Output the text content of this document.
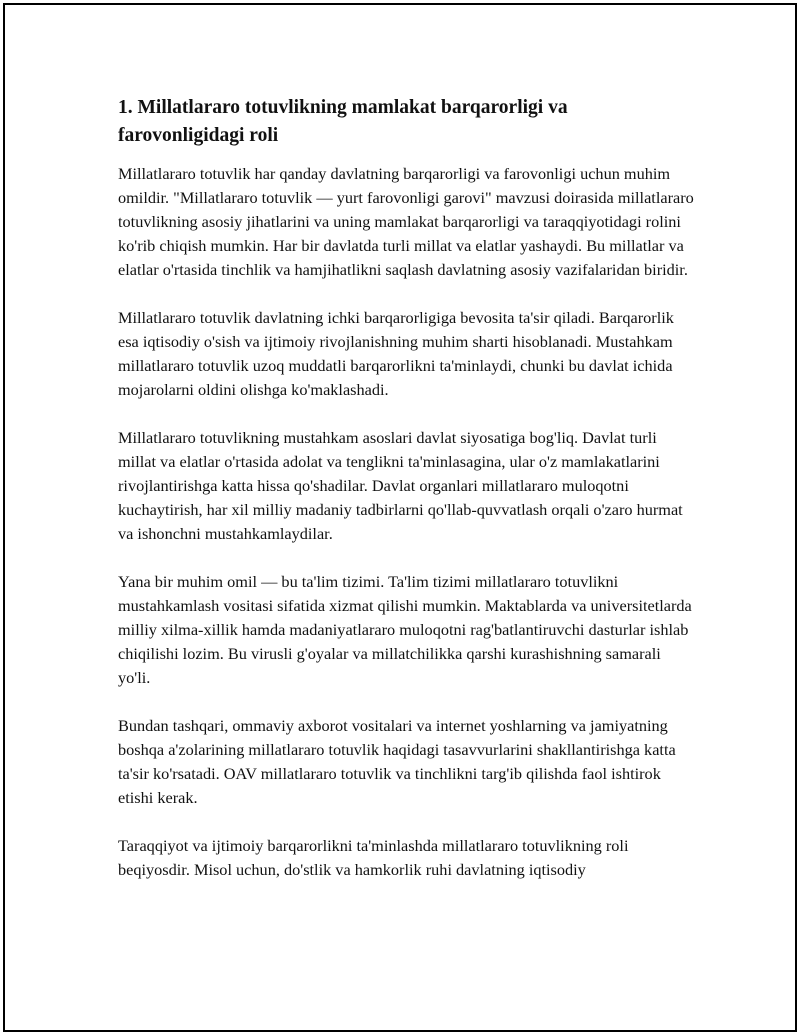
1. Millatlararo totuvlikning mamlakat barqarorligi va farovonligidagi roli

Millatlararo totuvlik har qanday davlatning barqarorligi va farovonligi uchun muhim omildir. "Millatlararo totuvlik — yurt farovonligi garovi" mavzusi doirasida millatlararo totuvlikning asosiy jihatlarini va uning mamlakat barqarorligi va taraqqiyotidagi rolini ko'rib chiqish mumkin. Har bir davlatda turli millat va elatlar yashaydi. Bu millatlar va elatlar o'rtasida tinchlik va hamjihatlikni saqlash davlatning asosiy vazifalaridan biridir.

Millatlararo totuvlik davlatning ichki barqarorligiga bevosita ta'sir qiladi. Barqarorlik esa iqtisodiy o'sish va ijtimoiy rivojlanishning muhim sharti hisoblanadi. Mustahkam millatlararo totuvlik uzoq muddatli barqarorlikni ta'minlaydi, chunki bu davlat ichida mojarolarni oldini olishga ko'maklashadi.

Millatlararo totuvlikning mustahkam asoslari davlat siyosatiga bog'liq. Davlat turli millat va elatlar o'rtasida adolat va tenglikni ta'minlasagina, ular o'z mamlakatlarini rivojlantirishga katta hissa qo'shadilar. Davlat organlari millatlararo muloqotni kuchaytirish, har xil milliy madaniy tadbirlarni qo'llab-quvvatlash orqali o'zaro hurmat va ishonchni mustahkamlaydilar.

Yana bir muhim omil — bu ta'lim tizimi. Ta'lim tizimi millatlararo totuvlikni mustahkamlash vositasi sifatida xizmat qilishi mumkin. Maktablarda va universitetlarda milliy xilma-xillik hamda madaniyatlararo muloqotni rag'batlantiruvchi dasturlar ishlab chiqilishi lozim. Bu virusli g'oyalar va millatchilikka qarshi kurashishning samarali yo'li.

Bundan tashqari, ommaviy axborot vositalari va internet yoshlarning va jamiyatning boshqa a'zolarining millatlararo totuvlik haqidagi tasavvurlarini shakllantirishga katta ta'sir ko'rsatadi. OAV millatlararo totuvlik va tinchlikni targ'ib qilishda faol ishtirok etishi kerak.

Taraqqiyot va ijtimoiy barqarorlikni ta'minlashda millatlararo totuvlikning roli beqiyosdir. Misol uchun, do'stlik va hamkorlik ruhi davlatning iqtisodiy
